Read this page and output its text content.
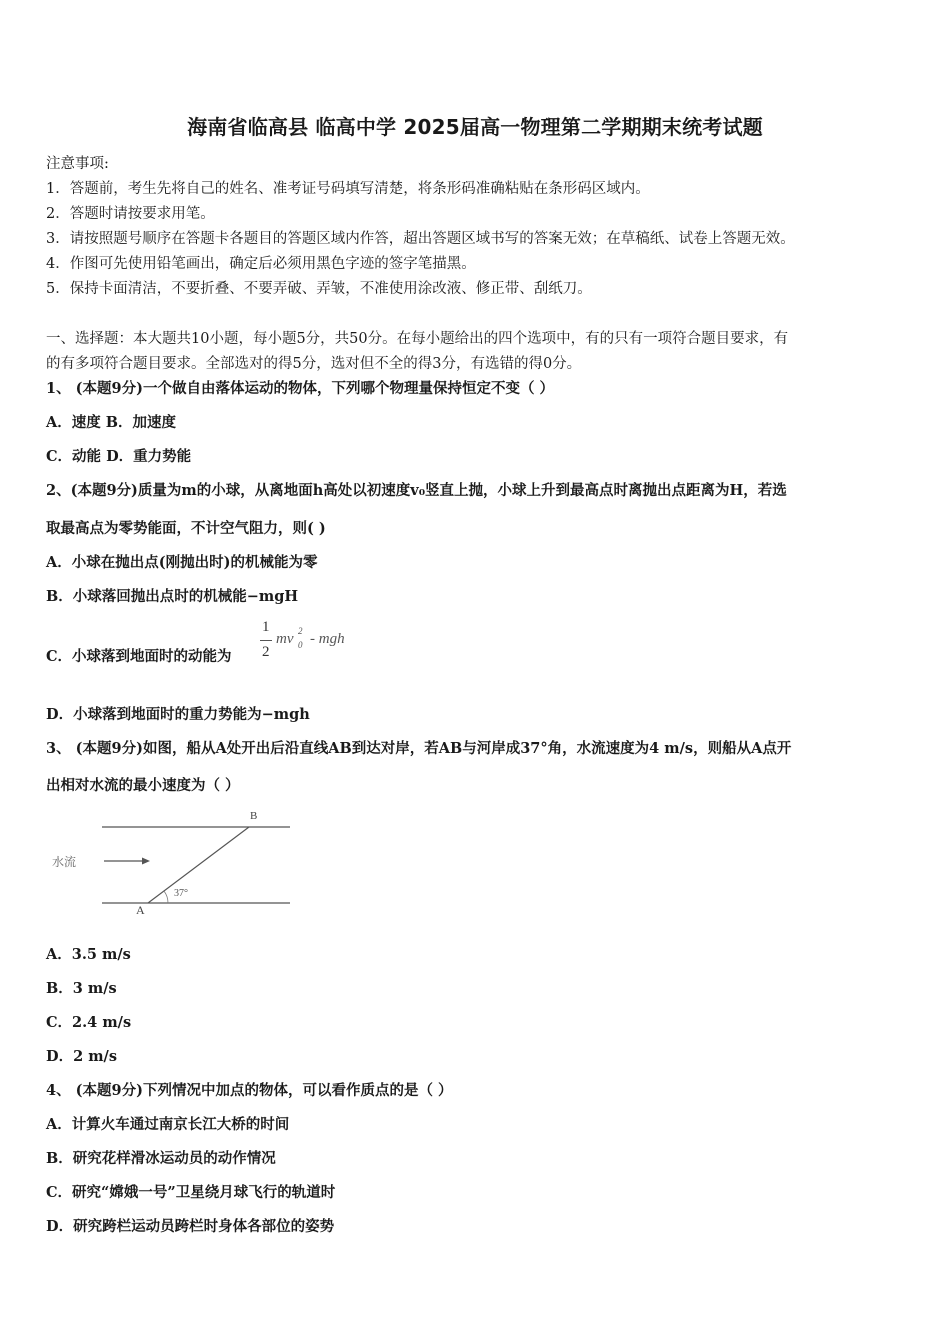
海南省临高县 临高中学 2025届高一物理第二学期期末统考试题
注意事项:
1．答题前，考生先将自己的姓名、准考证号码填写清楚，将条形码准确粘贴在条形码区域内。
2．答题时请按要求用笔。
3．请按照题号顺序在答题卡各题目的答题区域内作答，超出答题区域书写的答案无效；在草稿纸、试卷上答题无效。
4．作图可先使用铅笔画出，确定后必须用黑色字迹的签字笔描黑。
5．保持卡面清洁，不要折叠、不要弄破、弄皱，不准使用涂改液、修正带、刮纸刀。
一、选择题：本大题共10小题，每小题5分，共50分。在每小题给出的四个选项中，有的只有一项符合题目要求，有
的有多项符合题目要求。全部选对的得5分，选对但不全的得3分，有选错的得0分。
1、 (本题9分)一个做自由落体运动的物体，下列哪个物理量保持恒定不变（ ）
A．速度 B．加速度
C．动能 D．重力势能
2、(本题9分)质量为m的小球，从离地面h高处以初速度v₀竖直上抛，小球上升到最高点时离抛出点距离为H，若选
取最高点为零势能面，不计空气阻力，则( )
A．小球在抛出点(刚抛出时)的机械能为零
B．小球落回抛出点时的机械能−mgH
C．小球落到地面时的动能为
1
2
mv 2
0 - mgh
D．小球落到地面时的重力势能为−mgh
3、 (本题9分)如图，船从A处开出后沿直线AB到达对岸，若AB与河岸成37°角，水流速度为4 m/s，则船从A点开
出相对水流的最小速度为（ ）
水流
A
B
37°
A．3.5 m/s
B．3 m/s
C．2.4 m/s
D．2 m/s
4、 (本题9分)下列情况中加点的物体，可以看作质点的是（ ）
A．计算火车通过南京长江大桥的时间
B．研究花样滑冰运动员的动作情况
C．研究“嫦娥一号”卫星绕月球飞行的轨道时
D．研究跨栏运动员跨栏时身体各部位的姿势
